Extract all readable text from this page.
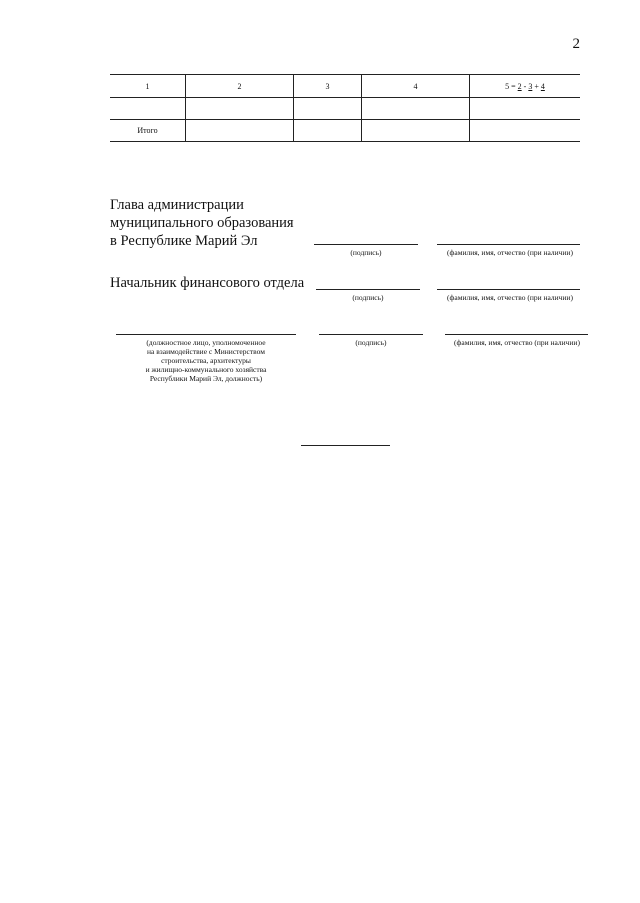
2
1	2	3	4	5 = 2 - 3 + 4

Итого				
Глава администрации
муниципального образования
в Республике Марий Эл
(подпись)	(фамилия, имя, отчество (при наличии)
Начальник финансового отдела
(подпись)	(фамилия, имя, отчество (при наличии)
(должностное лицо, уполномоченное
на взаимодействие с Министерством
строительства, архитектуры
и жилищно-коммунального хозяйства
Республики Марий Эл, должность)
(подпись)	(фамилия, имя, отчество (при наличии)
